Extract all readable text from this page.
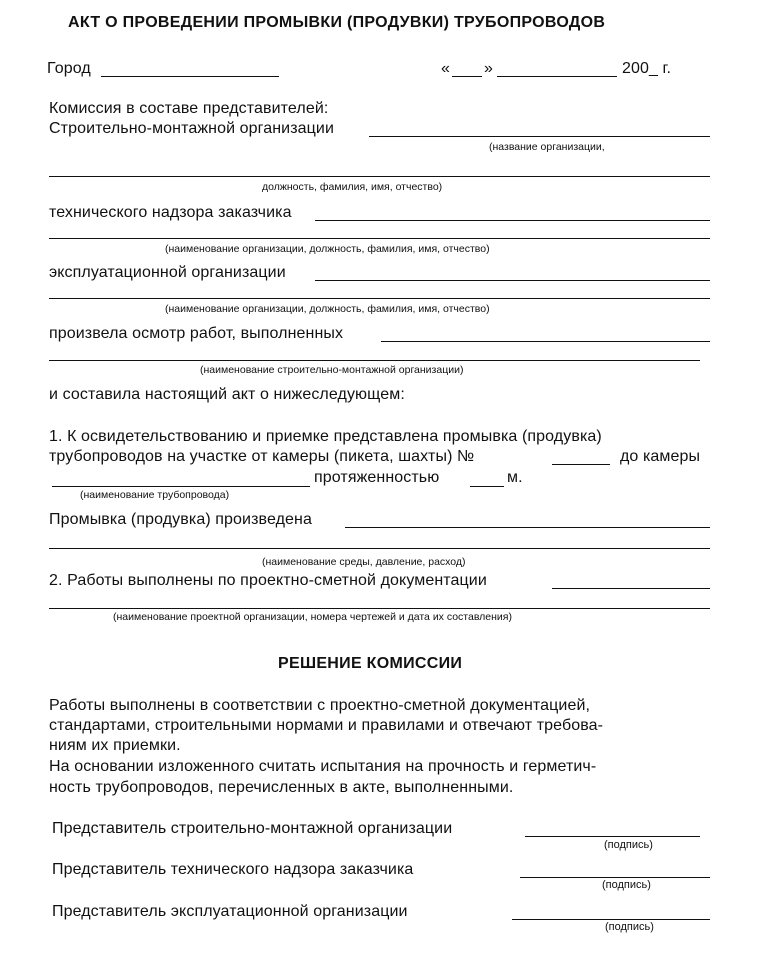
АКТ О ПРОВЕДЕНИИ ПРОМЫВКИ (ПРОДУВКИ) ТРУБОПРОВОДОВ
Город	« »	200_ г.
Комиссия в составе представителей:
Строительно-монтажной организации
(название организации,
должность, фамилия, имя, отчество)
технического надзора заказчика
(наименование организации, должность, фамилия, имя, отчество)
эксплуатационной организации
(наименование организации, должность, фамилия, имя, отчество)
произвела осмотр работ, выполненных
(наименование строительно-монтажной организации)
и составила настоящий акт о нижеследующем:
1. К освидетельствованию и приемке представлена промывка (продувка)
трубопроводов на участке от камеры (пикета, шахты) №	до камеры
протяженностью	м.
(наименование трубопровода)
Промывка (продувка) произведена
(наименование среды, давление, расход)
2. Работы выполнены по проектно-сметной документации
(наименование проектной организации, номера чертежей и дата их составления)
РЕШЕНИЕ КОМИССИИ
Работы выполнены в соответствии с проектно-сметной документацией,
стандартами, строительными нормами и правилами и отвечают требова-
ниям их приемки.
На основании изложенного считать испытания на прочность и герметич-
ность трубопроводов, перечисленных в акте, выполненными.
Представитель строительно-монтажной организации
(подпись)
Представитель технического надзора заказчика
(подпись)
Представитель эксплуатационной организации
(подпись)
